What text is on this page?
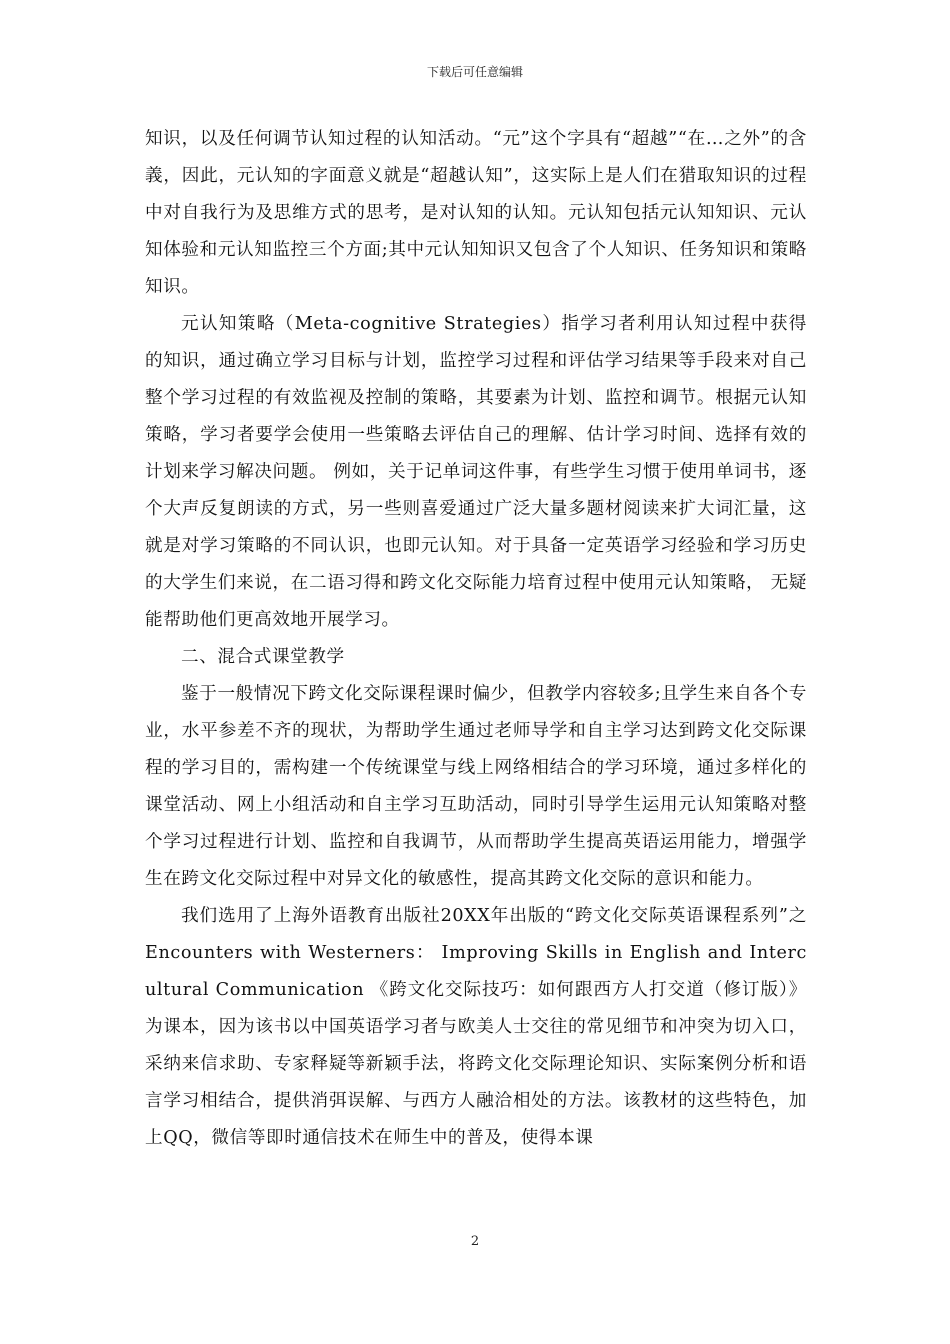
下载后可任意编辑

知识，以及任何调节认知过程的认知活动。“元”这个字具有“超越”“在…之外”的含義，因此，元认知的字面意义就是“超越认知”，这实际上是人们在猎取知识的过程中对自我行为及思维方式的思考，是对认知的认知。元认知包括元认知知识、元认知体验和元认知监控三个方面;其中元认知知识又包含了个人知识、任务知识和策略知识。

元认知策略（Meta-cognitive Strategies）指学习者利用认知过程中获得的知识，通过确立学习目标与计划，监控学习过程和评估学习结果等手段来对自己整个学习过程的有效监视及控制的策略，其要素为计划、监控和调节。根据元认知策略，学习者要学会使用一些策略去评估自己的理解、估计学习时间、选择有效的计划来学习解决问题。 例如，关于记单词这件事，有些学生习惯于使用单词书，逐个大声反复朗读的方式，另一些则喜爱通过广泛大量多题材阅读来扩大词汇量，这就是对学习策略的不同认识，也即元认知。对于具备一定英语学习经验和学习历史的大学生们来说，在二语习得和跨文化交际能力培育过程中使用元认知策略， 无疑能帮助他们更高效地开展学习。

二、混合式课堂教学

鉴于一般情况下跨文化交际课程课时偏少，但教学内容较多;且学生来自各个专业，水平参差不齐的现状，为帮助学生通过老师导学和自主学习达到跨文化交际课程的学习目的，需构建一个传统课堂与线上网络相结合的学习环境，通过多样化的课堂活动、网上小组活动和自主学习互助活动，同时引导学生运用元认知策略对整个学习过程进行计划、监控和自我调节，从而帮助学生提高英语运用能力，增强学生在跨文化交际过程中对异文化的敏感性，提高其跨文化交际的意识和能力。

我们选用了上海外语教育出版社20XX年出版的“跨文化交际英语课程系列”之Encounters with Westerners： Improving Skills in English and Intercultural Communication 《跨文化交际技巧：如何跟西方人打交道（修订版）》为课本，因为该书以中国英语学习者与欧美人士交往的常见细节和冲突为切入口，采纳来信求助、专家释疑等新颖手法，将跨文化交际理论知识、实际案例分析和语言学习相结合，提供消弭误解、与西方人融洽相处的方法。该教材的这些特色，加上QQ，微信等即时通信技术在师生中的普及，使得本课

2
